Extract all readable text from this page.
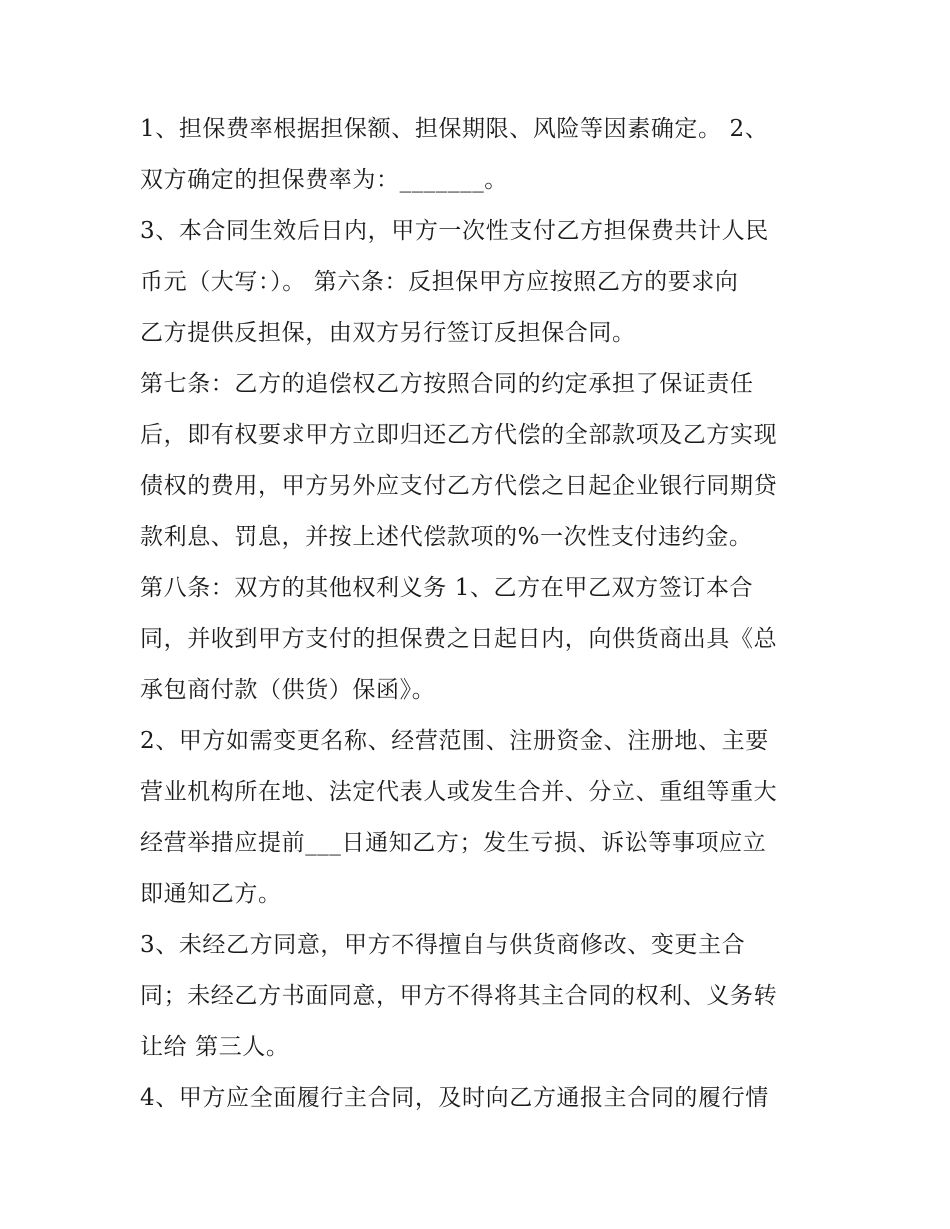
1、担保费率根据担保额、担保期限、风险等因素确定。 2、
双方确定的担保费率为：_______。
3、本合同生效后日内，甲方一次性支付乙方担保费共计人民
币元（大写：）。 第六条：反担保甲方应按照乙方的要求向
乙方提供反担保，由双方另行签订反担保合同。
第七条：乙方的追偿权乙方按照合同的约定承担了保证责任
后，即有权要求甲方立即归还乙方代偿的全部款项及乙方实现
债权的费用，甲方另外应支付乙方代偿之日起企业银行同期贷
款利息、罚息，并按上述代偿款项的%一次性支付违约金。
第八条：双方的其他权利义务 1、乙方在甲乙双方签订本合
同，并收到甲方支付的担保费之日起日内，向供货商出具《总
承包商付款（供货）保函》。
2、甲方如需变更名称、经营范围、注册资金、注册地、主要
营业机构所在地、法定代表人或发生合并、分立、重组等重大
经营举措应提前___日通知乙方；发生亏损、诉讼等事项应立
即通知乙方。
3、未经乙方同意，甲方不得擅自与供货商修改、变更主合
同；未经乙方书面同意，甲方不得将其主合同的权利、义务转
让给 第三人。
4、甲方应全面履行主合同，及时向乙方通报主合同的履行情
